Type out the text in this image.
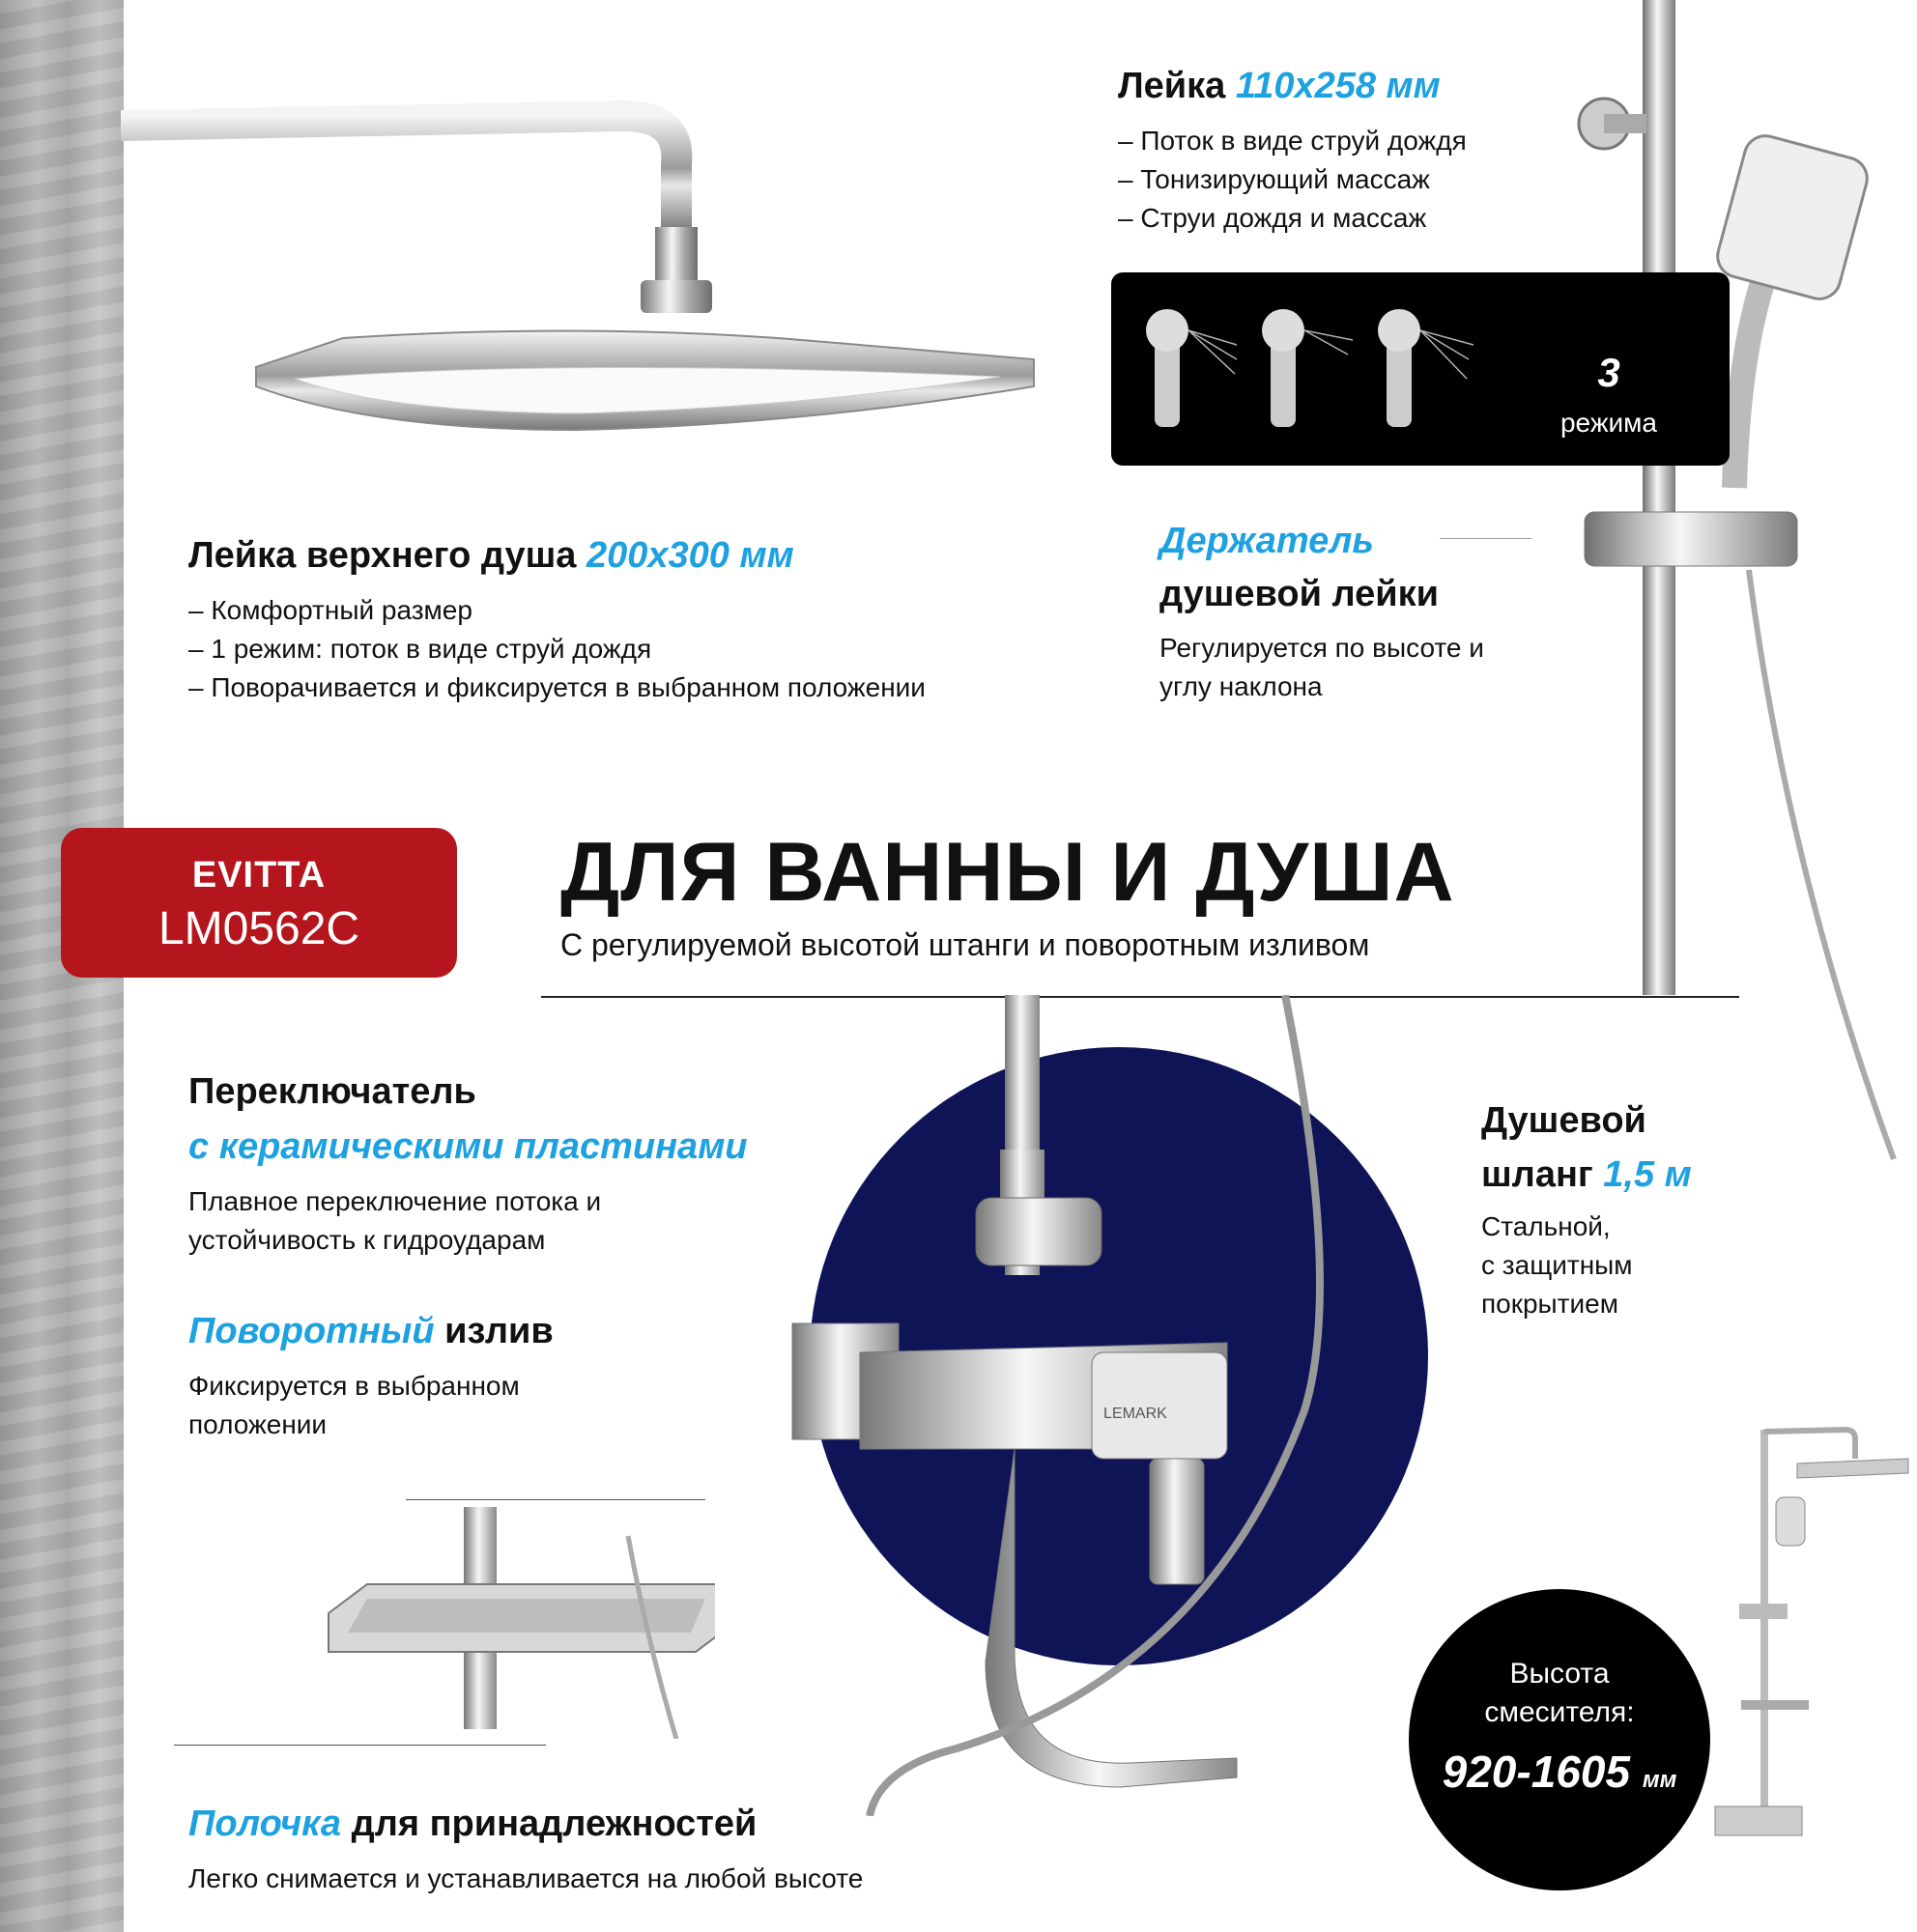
Лейка 110x258 мм
– Поток в виде струй дождя
– Тонизирующий массаж
– Струи дождя и массаж
3
режима
Лейка верхнего душа 200x300 мм
– Комфортный размер
– 1 режим: поток в виде струй дождя
– Поворачивается и фиксируется в выбранном положении
Держатель
душевой лейки
Регулируется по высоте и
углу наклона
EVITTA
LM0562C
ДЛЯ ВАННЫ И ДУША
С регулируемой высотой штанги и поворотным изливом
LEMARK
Переключатель
с керамическими пластинами
Плавное переключение потока и
устойчивость к гидроударам
Поворотный излив
Фиксируется в выбранном
положении
Душевой
шланг 1,5 м
Стальной,
с защитным
покрытием
Полочка для принадлежностей
Легко снимается и устанавливается на любой высоте
Высота
смесителя:
920-1605 мм
